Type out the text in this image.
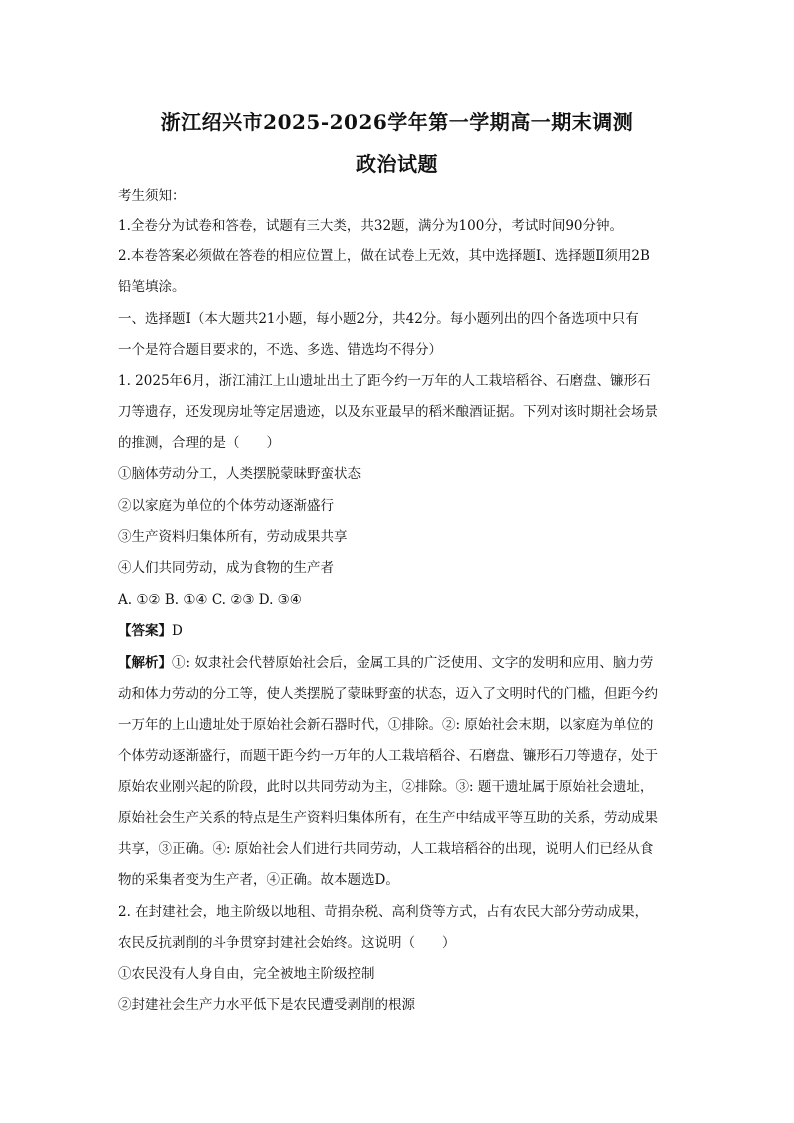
浙江绍兴市2025-2026学年第一学期高一期末调测
政治试题
考生须知：
1.全卷分为试卷和答卷，试题有三大类，共32题，满分为100分，考试时间90分钟。
2.本卷答案必须做在答卷的相应位置上，做在试卷上无效，其中选择题Ⅰ、选择题Ⅱ须用2B
铅笔填涂。
一、选择题Ⅰ（本大题共21小题，每小题2分，共42分。每小题列出的四个备选项中只有
一个是符合题目要求的，不选、多选、错选均不得分）
1. 2025年6月，浙江浦江上山遗址出土了距今约一万年的人工栽培稻谷、石磨盘、镰形石
刀等遗存，还发现房址等定居遗迹，以及东亚最早的稻米酿酒证据。下列对该时期社会场景
的推测，合理的是（　　）
①脑体劳动分工，人类摆脱蒙昧野蛮状态
②以家庭为单位的个体劳动逐渐盛行
③生产资料归集体所有，劳动成果共享
④人们共同劳动，成为食物的生产者
A. ①② B. ①④ C. ②③ D. ③④
【答案】D
【解析】①: 奴隶社会代替原始社会后，金属工具的广泛使用、文字的发明和应用、脑力劳
动和体力劳动的分工等，使人类摆脱了蒙昧野蛮的状态，迈入了文明时代的门槛，但距今约
一万年的上山遗址处于原始社会新石器时代，①排除。②: 原始社会末期，以家庭为单位的
个体劳动逐渐盛行，而题干距今约一万年的人工栽培稻谷、石磨盘、镰形石刀等遗存，处于
原始农业刚兴起的阶段，此时以共同劳动为主，②排除。③: 题干遗址属于原始社会遗址，
原始社会生产关系的特点是生产资料归集体所有，在生产中结成平等互助的关系，劳动成果
共享，③正确。④: 原始社会人们进行共同劳动，人工栽培稻谷的出现，说明人们已经从食
物的采集者变为生产者，④正确。故本题选D。
2. 在封建社会，地主阶级以地租、苛捐杂税、高利贷等方式，占有农民大部分劳动成果，
农民反抗剥削的斗争贯穿封建社会始终。这说明（　　）
①农民没有人身自由，完全被地主阶级控制
②封建社会生产力水平低下是农民遭受剥削的根源
